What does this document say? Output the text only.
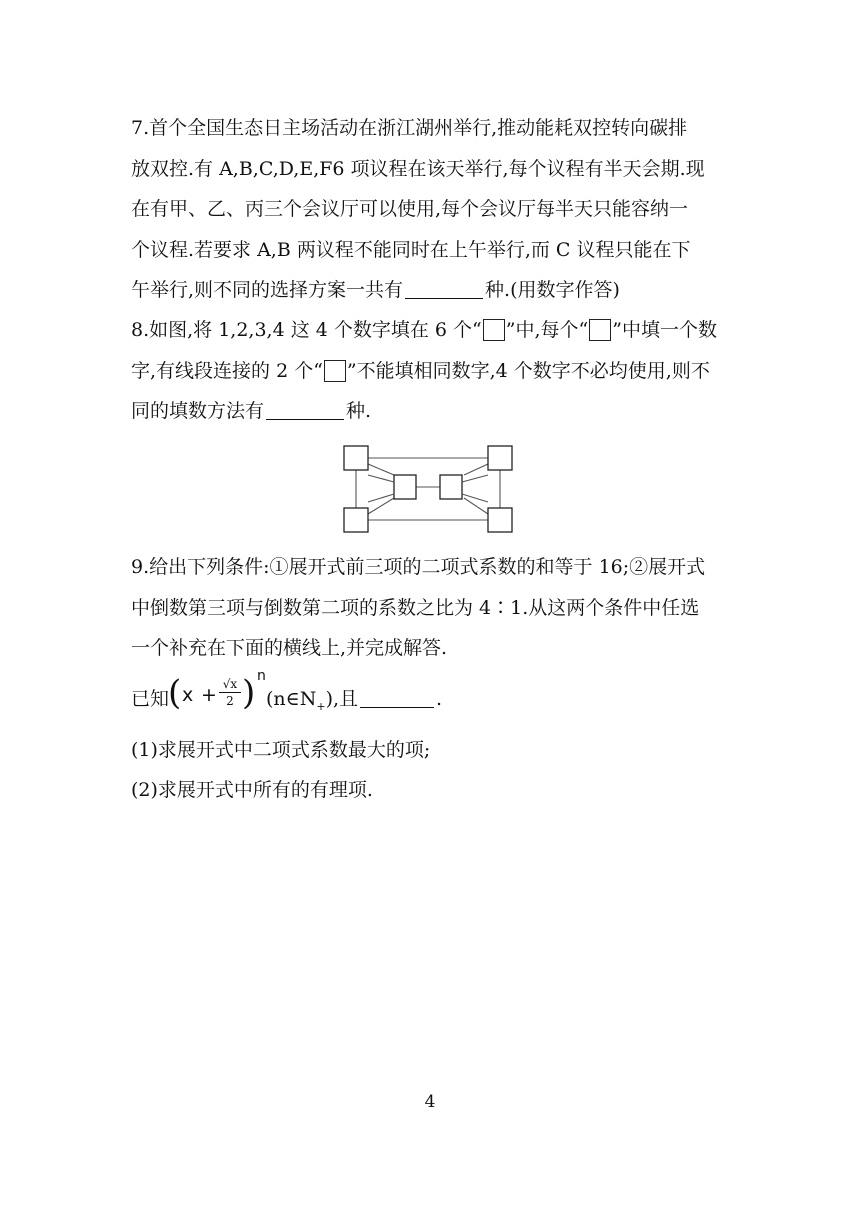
7.首个全国生态日主场活动在浙江湖州举行,推动能耗双控转向碳排
放双控.有 A,B,C,D,E,F6 项议程在该天举行,每个议程有半天会期.现
在有甲、乙、丙三个会议厅可以使用,每个会议厅每半天只能容纳一
个议程.若要求 A,B 两议程不能同时在上午举行,而 C 议程只能在下
午举行,则不同的选择方案一共有	种.(用数字作答)
8.如图,将 1,2,3,4 这 4 个数字填在 6 个“ ”中,每个“ ”中填一个数
字,有线段连接的 2 个“ ”不能填相同数字,4 个数字不必均使用,则不
同的填数方法有	种.
9.给出下列条件:①展开式前三项的二项式系数的和等于 16;②展开式
中倒数第三项与倒数第二项的系数之比为 4∶1.从这两个条件中任选
一个补充在下面的横线上,并完成解答.
已知
( $x + \frac{√x}{2}$ ) n
$(n\in N_+)$,且	.
(1)求展开式中二项式系数最大的项;
(2)求展开式中所有的有理项.
4
